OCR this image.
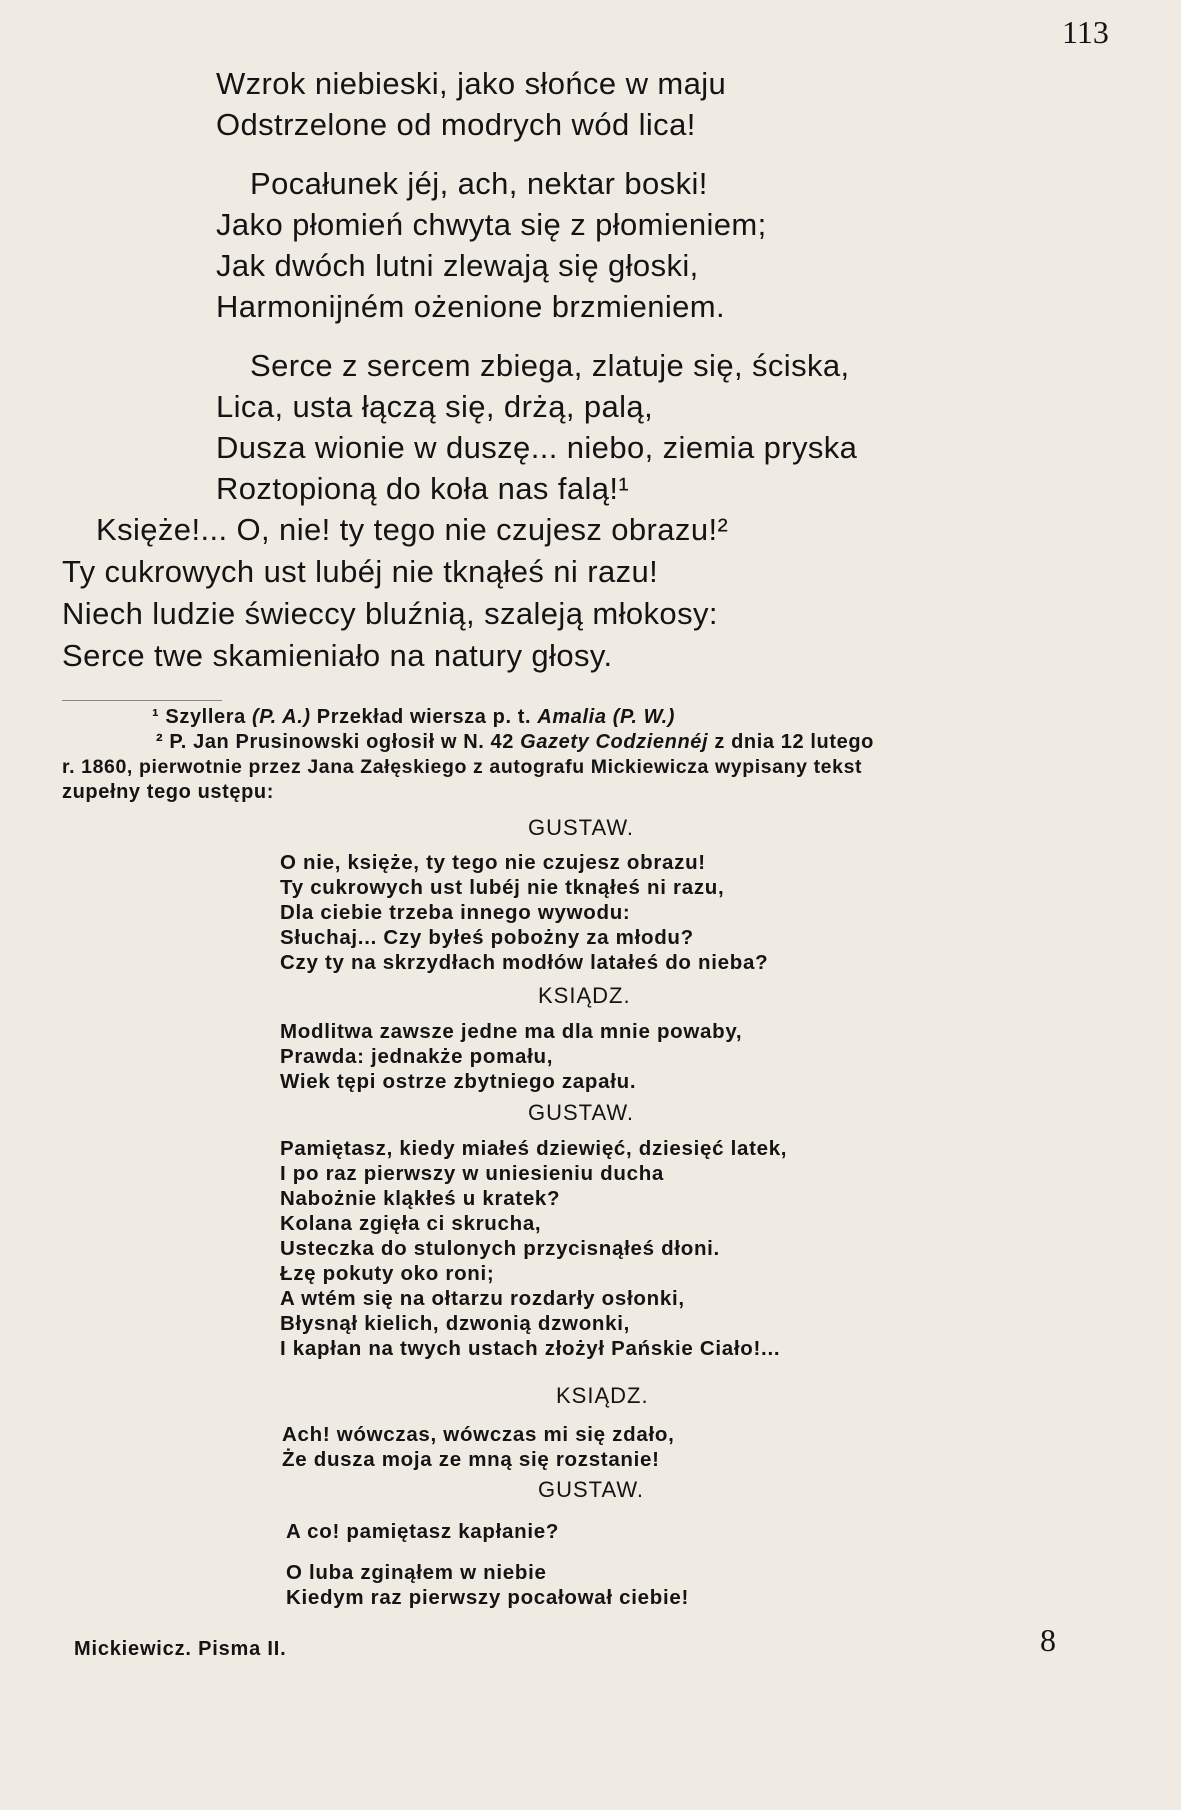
113
Wzrok niebieski, jako słońce w maju
Odstrzelone od modrych wód lica!
Pocałunek jéj, ach, nektar boski!
Jako płomień chwyta się z płomieniem;
Jak dwóch lutni zlewają się głoski,
Harmonijném ożenione brzmieniem.
Serce z sercem zbiega, zlatuje się, ściska,
Lica, usta łączą się, drżą, palą,
Dusza wionie w duszę... niebo, ziemia pryska
Roztopioną do koła nas falą!¹
Księże!... O, nie! ty tego nie czujesz obrazu!²
Ty cukrowych ust lubéj nie tknąłeś ni razu!
Niech ludzie świeccy bluźnią, szaleją młokosy:
Serce twe skamieniało na natury głosy.
¹ Szyllera (P. A.) Przekład wiersza p. t. Amalia (P. W.)
² P. Jan Prusinowski ogłosił w N. 42 Gazety Codziennéj z dnia 12 lutego
r. 1860, pierwotnie przez Jana Załęskiego z autografu Mickiewicza wypisany tekst
zupełny tego ustępu:
GUSTAW.
O nie, księże, ty tego nie czujesz obrazu!
Ty cukrowych ust lubéj nie tknąłeś ni razu,
Dla ciebie trzeba innego wywodu:
Słuchaj... Czy byłeś pobożny za młodu?
Czy ty na skrzydłach modłów latałeś do nieba?
KSIĄDZ.
Modlitwa zawsze jedne ma dla mnie powaby,
Prawda: jednakże pomału,
Wiek tępi ostrze zbytniego zapału.
GUSTAW.
Pamiętasz, kiedy miałeś dziewięć, dziesięć latek,
I po raz pierwszy w uniesieniu ducha
Nabożnie kląkłeś u kratek?
Kolana zgięła ci skrucha,
Usteczka do stulonych przycisnąłeś dłoni.
Łzę pokuty oko roni;
A wtém się na ołtarzu rozdarły osłonki,
Błysnął kielich, dzwonią dzwonki,
I kapłan na twych ustach złożył Pańskie Ciało!...
KSIĄDZ.
Ach! wówczas, wówczas mi się zdało,
Że dusza moja ze mną się rozstanie!
GUSTAW.
A co! pamiętasz kapłanie?
O luba zginąłem w niebie
Kiedym raz pierwszy pocałował ciebie!
Mickiewicz. Pisma II.	8
